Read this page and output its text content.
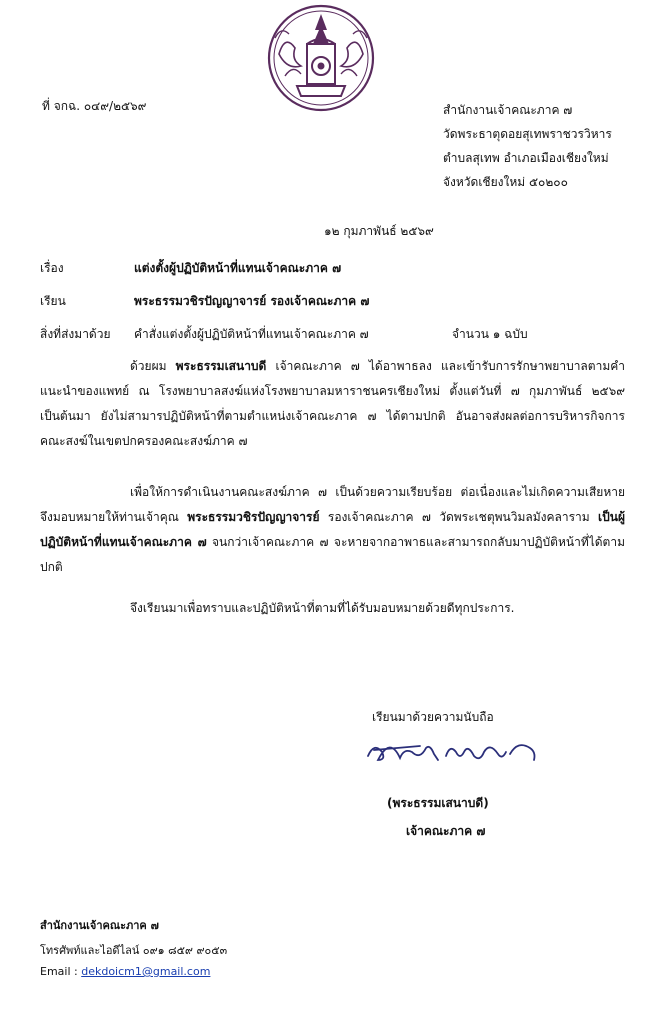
ที่ จกฉ. ๐๔๙/๒๕๖๙	สำนักงานเจ้าคณะภาค ๗
วัดพระธาตุดอยสุเทพราชวรวิหาร
ตำบลสุเทพ อำเภอเมืองเชียงใหม่
จังหวัดเชียงใหม่ ๕๐๒๐๐
๑๒ กุมภาพันธ์ ๒๕๖๙
เรื่อง	แต่งตั้งผู้ปฏิบัติหน้าที่แทนเจ้าคณะภาค ๗
เรียน	พระธรรมวชิรปัญญาจารย์ รองเจ้าคณะภาค ๗
สิ่งที่ส่งมาด้วย คำสั่งแต่งตั้งผู้ปฏิบัติหน้าที่แทนเจ้าคณะภาค ๗	จำนวน ๑ ฉบับ
ด้วยผม พระธรรมเสนาบดี เจ้าคณะภาค ๗ ได้อาพาธลง และเข้ารับการรักษาพยาบาลตามคำแนะนำของแพทย์ ณ โรงพยาบาลสงฆ์แห่งโรงพยาบาลมหาราชนครเชียงใหม่ ตั้งแต่วันที่ ๗ กุมภาพันธ์ ๒๕๖๙ เป็นต้นมา ยังไม่สามารปฏิบัติหน้าที่ตามตำแหน่งเจ้าคณะภาค ๗ ได้ตามปกติ อันอาจส่งผลต่อการบริหารกิจการคณะสงฆ์ในเขตปกครองคณะสงฆ์ภาค ๗
เพื่อให้การดำเนินงานคณะสงฆ์ภาค ๗ เป็นด้วยความเรียบร้อย ต่อเนื่องและไม่เกิดความเสียหาย จึงมอบหมายให้ท่านเจ้าคุณ พระธรรมวชิรปัญญาจารย์ รองเจ้าคณะภาค ๗ วัดพระเชตุพนวิมลมังคลาราม เป็นผู้ปฏิบัติหน้าที่แทนเจ้าคณะภาค ๗ จนกว่าเจ้าคณะภาค ๗ จะหายจากอาพาธและสามารถกลับมาปฏิบัติหน้าที่ได้ตามปกติ
จึงเรียนมาเพื่อทราบและปฏิบัติหน้าที่ตามที่ได้รับมอบหมายด้วยดีทุกประการ.
เรียนมาด้วยความนับถือ
(พระธรรมเสนาบดี)
เจ้าคณะภาค ๗
สำนักงานเจ้าคณะภาค ๗
โทรศัพท์และไอดีไลน์ ๐๙๑ ๘๕๙ ๙๐๕๓
Email : dekdoicm1@gmail.com
